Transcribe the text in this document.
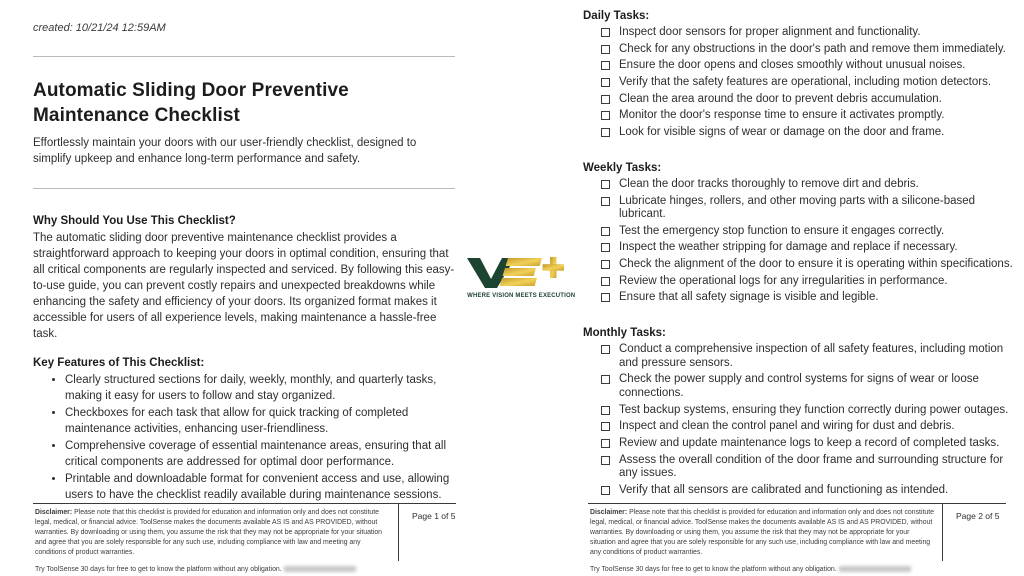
created: 10/21/24 12:59AM
Automatic Sliding Door Preventive Maintenance Checklist
Effortlessly maintain your doors with our user-friendly checklist, designed to simplify upkeep and enhance long-term performance and safety.
Why Should You Use This Checklist?
The automatic sliding door preventive maintenance checklist provides a straightforward approach to keeping your doors in optimal condition, ensuring that all critical components are regularly inspected and serviced. By following this easy-to-use guide, you can prevent costly repairs and unexpected breakdowns while enhancing the safety and efficiency of your doors. Its organized format makes it accessible for users of all experience levels, making maintenance a hassle-free task.
Key Features of This Checklist:
• Clearly structured sections for daily, weekly, monthly, and quarterly tasks, making it easy for users to follow and stay organized.
• Checkboxes for each task that allow for quick tracking of completed maintenance activities, enhancing user-friendliness.
• Comprehensive coverage of essential maintenance areas, ensuring that all critical components are addressed for optimal door performance.
• Printable and downloadable format for convenient access and use, allowing users to have the checklist readily available during maintenance sessions.
Daily Tasks:
Inspect door sensors for proper alignment and functionality.
Check for any obstructions in the door's path and remove them immediately.
Ensure the door opens and closes smoothly without unusual noises.
Verify that the safety features are operational, including motion detectors.
Clean the area around the door to prevent debris accumulation.
Monitor the door's response time to ensure it activates promptly.
Look for visible signs of wear or damage on the door and frame.
Weekly Tasks:
Clean the door tracks thoroughly to remove dirt and debris.
Lubricate hinges, rollers, and other moving parts with a silicone-based lubricant.
Test the emergency stop function to ensure it engages correctly.
Inspect the weather stripping for damage and replace if necessary.
Check the alignment of the door to ensure it is operating within specifications.
Review the operational logs for any irregularities in performance.
Ensure that all safety signage is visible and legible.
Monthly Tasks:
Conduct a comprehensive inspection of all safety features, including motion and pressure sensors.
Check the power supply and control systems for signs of wear or loose connections.
Test backup systems, ensuring they function correctly during power outages.
Inspect and clean the control panel and wiring for dust and debris.
Review and update maintenance logs to keep a record of completed tasks.
Assess the overall condition of the door frame and surrounding structure for any issues.
Verify that all sensors are calibrated and functioning as intended.
WHERE VISION MEETS EXECUTION
Disclaimer: Please note that this checklist is provided for education and information only and does not constitute legal, medical, or financial advice. ToolSense makes the documents available AS IS and AS PROVIDED, without warranties. By downloading or using them, you assume the risk that they may not be appropriate for your situation and agree that you are solely responsible for any such use, including compliance with law and meeting any conditions of product warranties.
Try ToolSense 30 days for free to get to know the platform without any obligation.
Page 1 of 5	Disclaimer: Please note that this checklist is provided for education and information only and does not constitute legal, medical, or financial advice. ToolSense makes the documents available AS IS and AS PROVIDED, without warranties. By downloading or using them, you assume the risk that they may not be appropriate for your situation and agree that you are solely responsible for any such use, including compliance with law and meeting any conditions of product warranties.
Try ToolSense 30 days for free to get to know the platform without any obligation.
Page 2 of 5
